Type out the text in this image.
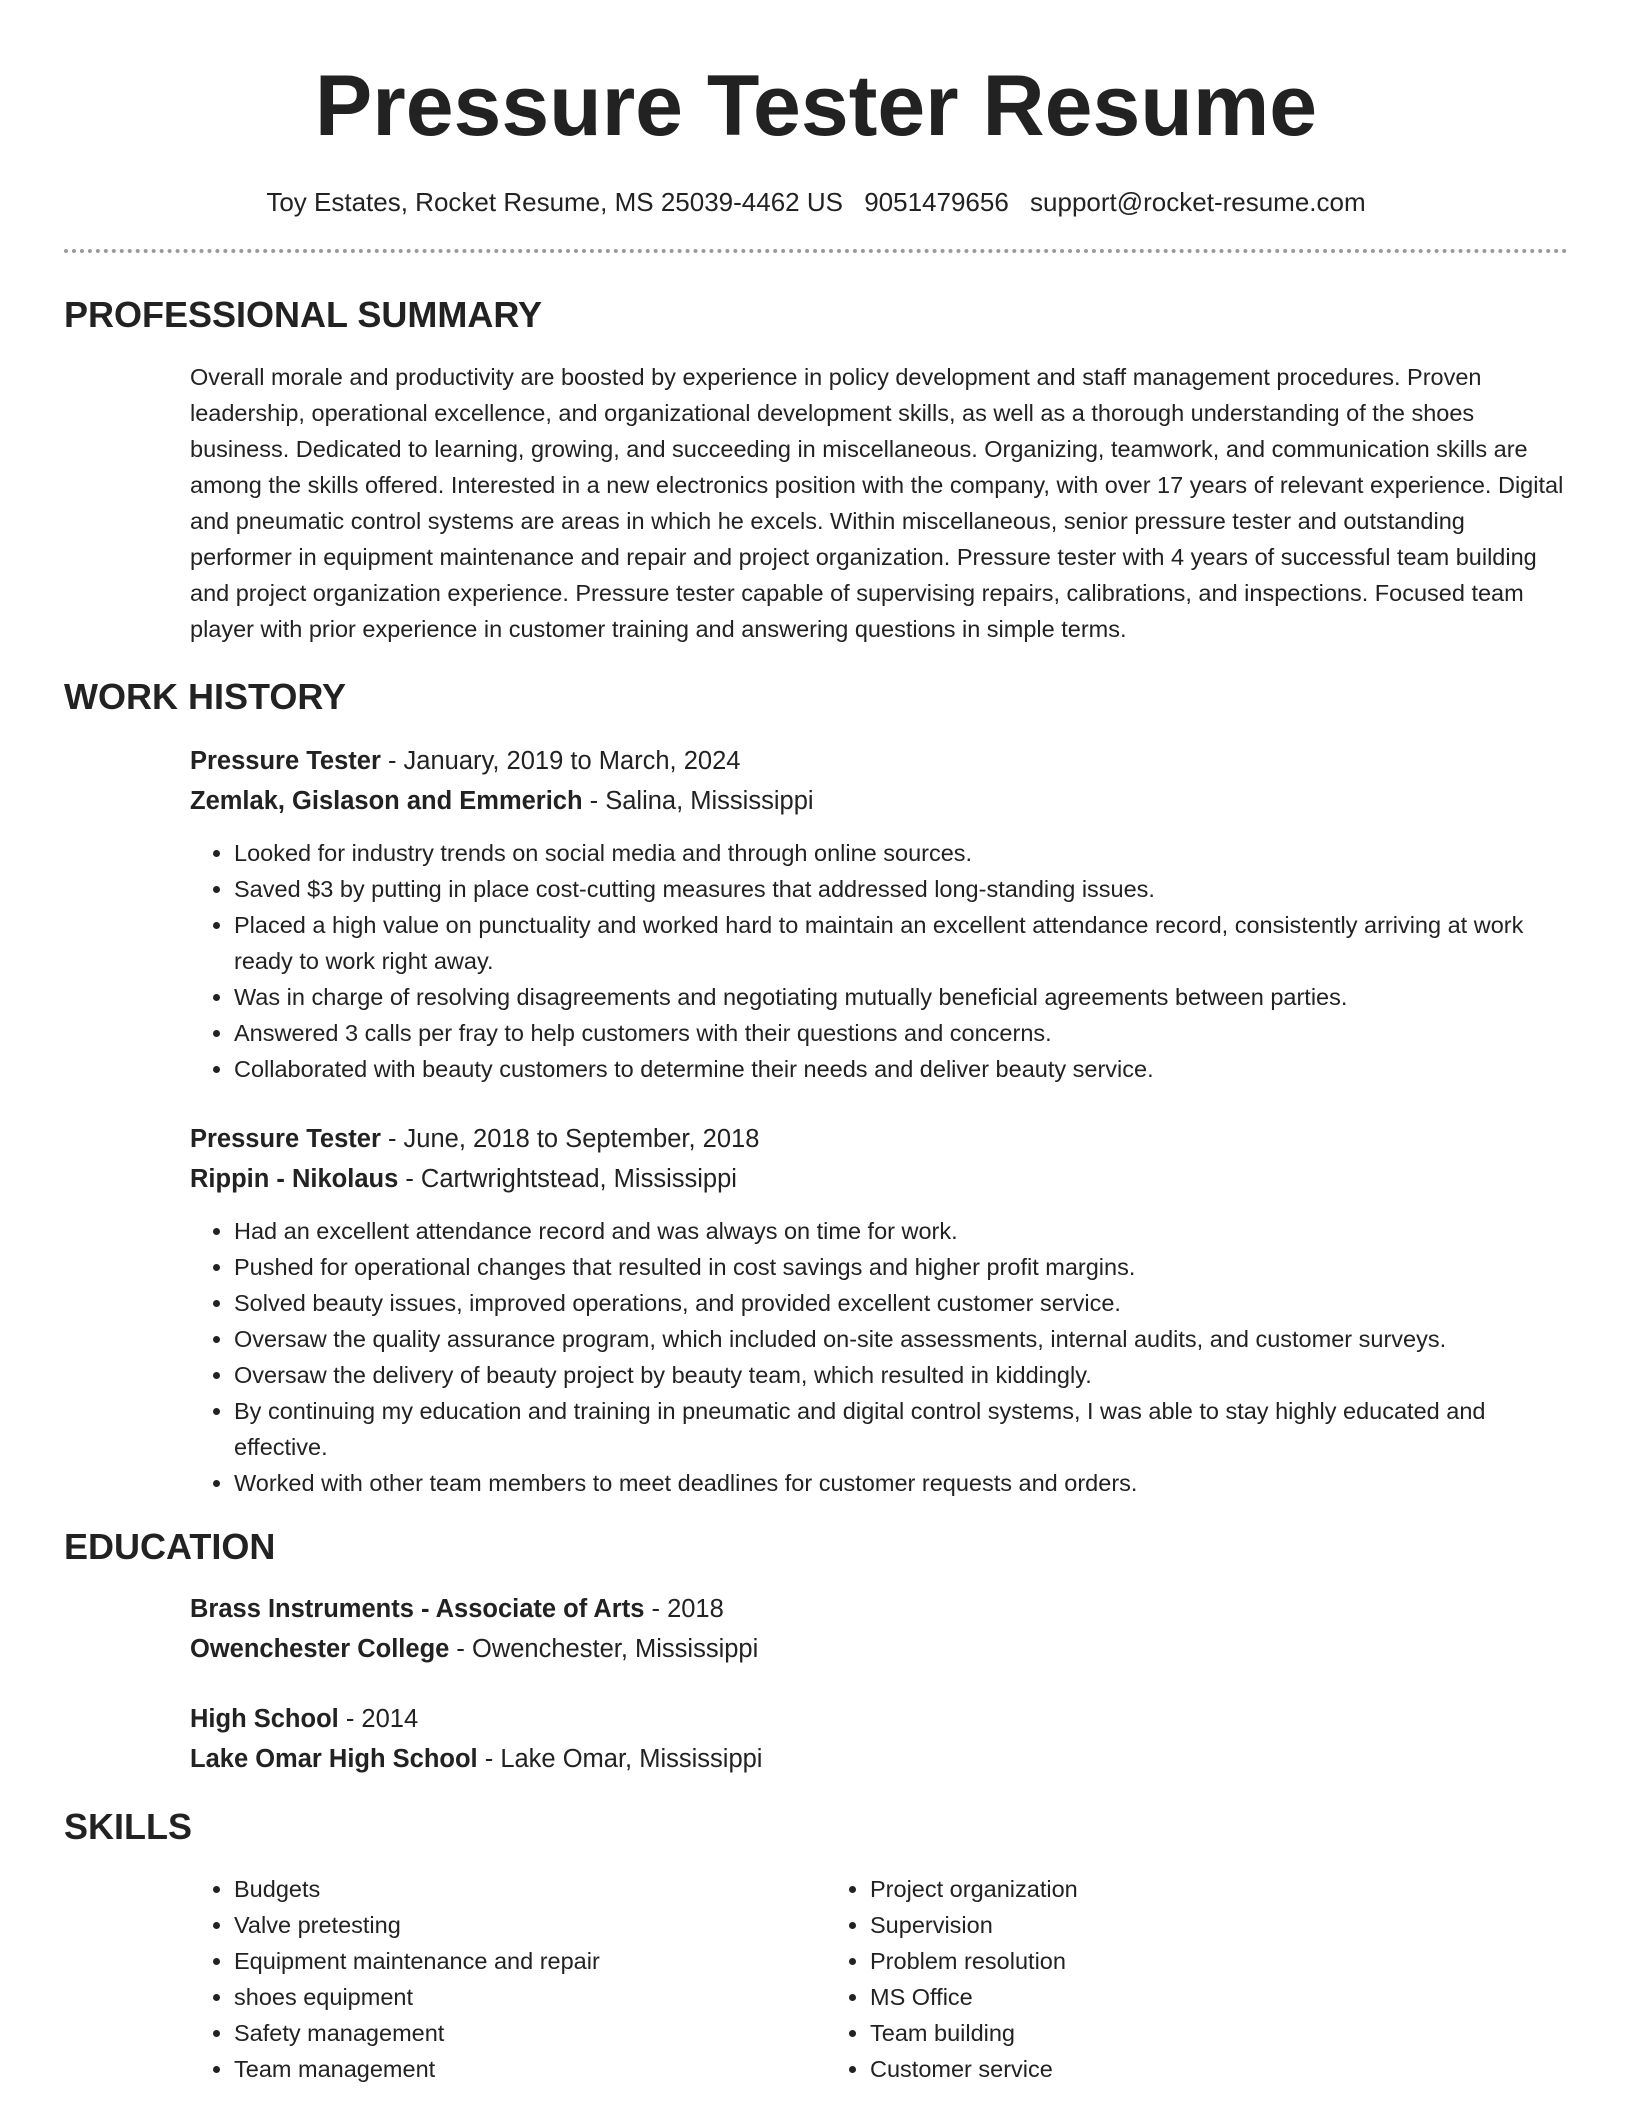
Pressure Tester Resume
Toy Estates, Rocket Resume, MS 25039-4462 US 9051479656 support@rocket-resume.com
PROFESSIONAL SUMMARY

Overall morale and productivity are boosted by experience in policy development and staff management procedures. Proven leadership, operational excellence, and organizational development skills, as well as a thorough understanding of the shoes business. Dedicated to learning, growing, and succeeding in miscellaneous. Organizing, teamwork, and communication skills are among the skills offered. Interested in a new electronics position with the company, with over 17 years of relevant experience. Digital and pneumatic control systems are areas in which he excels. Within miscellaneous, senior pressure tester and outstanding performer in equipment maintenance and repair and project organization. Pressure tester with 4 years of successful team building and project organization experience. Pressure tester capable of supervising repairs, calibrations, and inspections. Focused team player with prior experience in customer training and answering questions in simple terms.

WORK HISTORY
Pressure Tester - January, 2019 to March, 2024
Zemlak, Gislason and Emmerich - Salina, Mississippi
• Looked for industry trends on social media and through online sources.
• Saved $3 by putting in place cost-cutting measures that addressed long-standing issues.
• Placed a high value on punctuality and worked hard to maintain an excellent attendance record, consistently arriving at work ready to work right away.
• Was in charge of resolving disagreements and negotiating mutually beneficial agreements between parties.
• Answered 3 calls per fray to help customers with their questions and concerns.
• Collaborated with beauty customers to determine their needs and deliver beauty service.
Pressure Tester - June, 2018 to September, 2018
Rippin - Nikolaus - Cartwrightstead, Mississippi
• Had an excellent attendance record and was always on time for work.
• Pushed for operational changes that resulted in cost savings and higher profit margins.
• Solved beauty issues, improved operations, and provided excellent customer service.
• Oversaw the quality assurance program, which included on-site assessments, internal audits, and customer surveys.
• Oversaw the delivery of beauty project by beauty team, which resulted in kiddingly.
• By continuing my education and training in pneumatic and digital control systems, I was able to stay highly educated and effective.
• Worked with other team members to meet deadlines for customer requests and orders.
EDUCATION
Brass Instruments - Associate of Arts - 2018
Owenchester College - Owenchester, Mississippi
High School - 2014
Lake Omar High School - Lake Omar, Mississippi
SKILLS
• Budgets
• Valve pretesting
• Equipment maintenance and repair
• shoes equipment
• Safety management
• Team management
• Project organization
• Supervision
• Problem resolution
• MS Office
• Team building
• Customer service
